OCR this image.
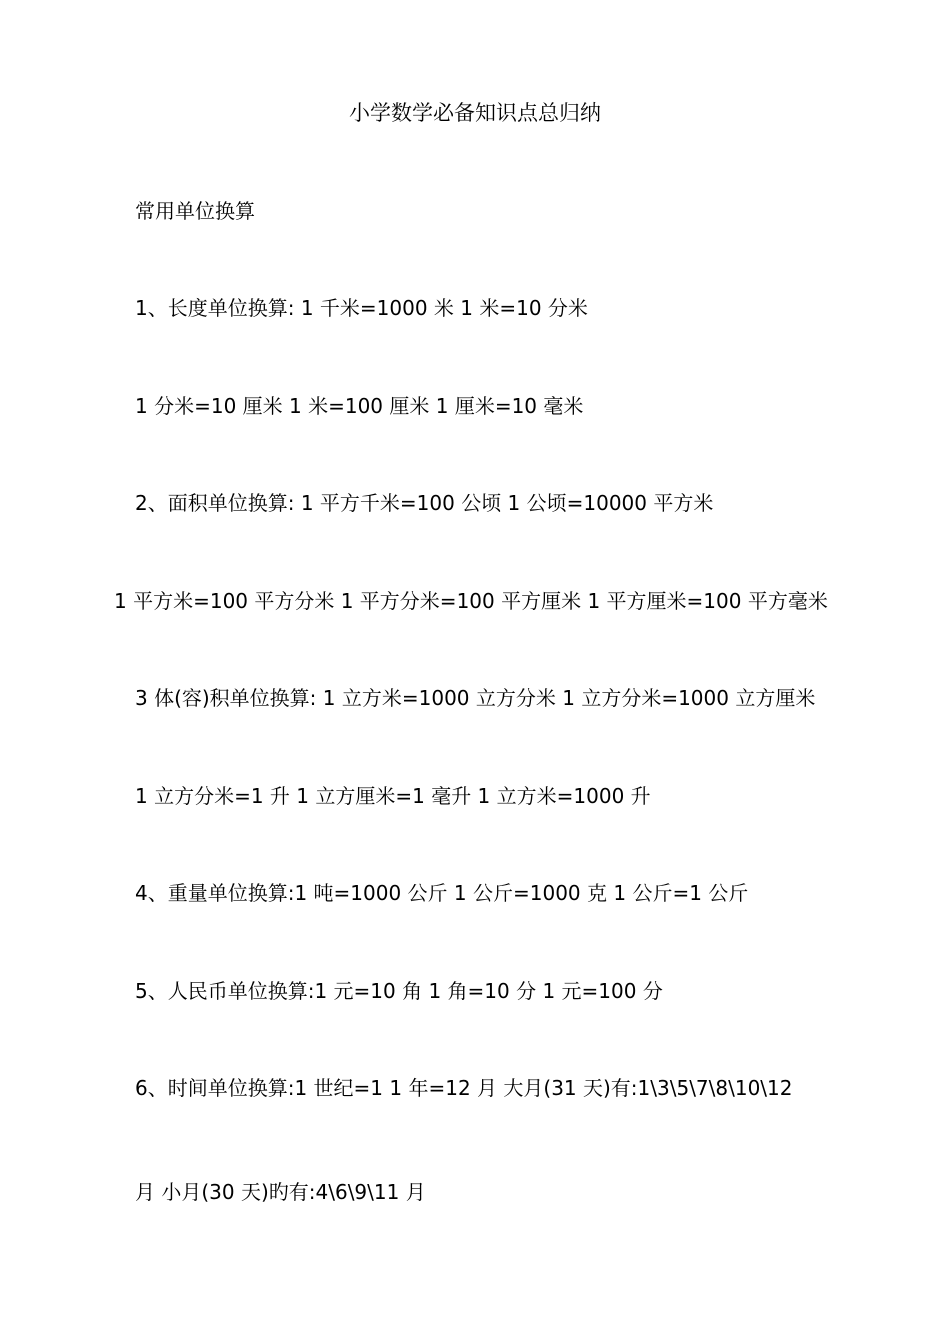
小学数学必备知识点总归纳
常用单位换算
1、长度单位换算: 1 千米=1000 米 1 米=10 分米
1 分米=10 厘米 1 米=100 厘米 1 厘米=10 毫米
2、面积单位换算: 1 平方千米=100 公顷 1 公顷=10000 平方米
1 平方米=100 平方分米 1 平方分米=100 平方厘米 1 平方厘米=100 平方毫米
3 体(容)积单位换算: 1 立方米=1000 立方分米 1 立方分米=1000 立方厘米
1 立方分米=1 升 1 立方厘米=1 毫升 1 立方米=1000 升
4、重量单位换算:1 吨=1000 公斤 1 公斤=1000 克 1 公斤=1 公斤
5、人民币单位换算:1 元=10 角 1 角=10 分 1 元=100 分
6、时间单位换算:1 世纪=1 1 年=12 月 大月(31 天)有:1\3\5\7\8\10\12
月 小月(30 天)旳有:4\6\9\11 月
